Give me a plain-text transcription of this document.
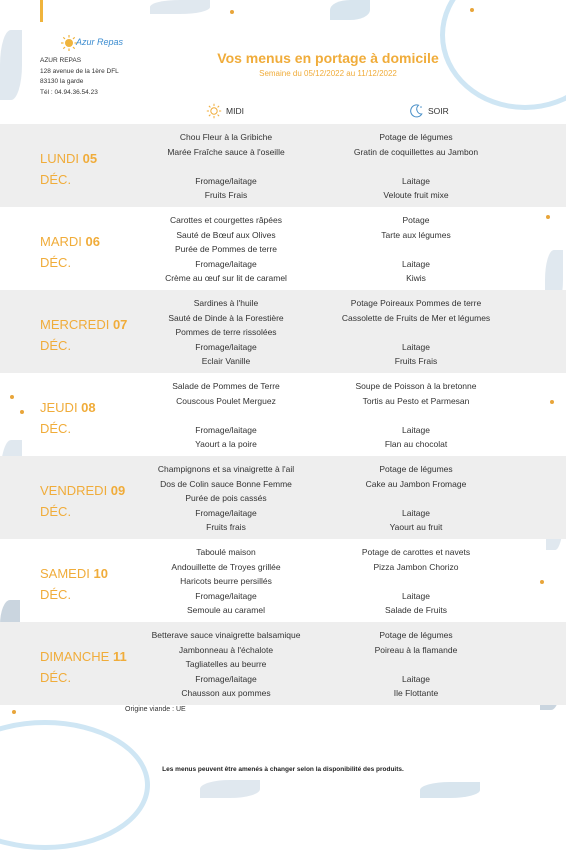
Azur Repas
AZUR REPAS
128 avenue de la 1ère DFL
83130 la garde
Tél : 04.94.36.54.23
Vos menus en portage à domicile
Semaine du 05/12/2022 au 11/12/2022
MIDI	SOIR
LUNDI 05
DÉC.
Chou Fleur à la Gribiche
Marée Fraîche sauce à l'oseille
Fromage/laitage
Fruits Frais
Potage de légumes
Gratin de coquillettes au Jambon
Laitage
Veloute fruit mixe
MARDI 06
DÉC.
Carottes et courgettes râpées
Sauté de Bœuf aux Olives
Purée de Pommes de terre
Fromage/laitage
Crème au œuf sur lit de caramel
Potage
Tarte aux légumes
Laitage
Kiwis
MERCREDI 07
DÉC.
Sardines à l'huile
Sauté de Dinde à la Forestière
Pommes de terre rissolées
Fromage/laitage
Eclair Vanille
Potage Poireaux Pommes de terre
Cassolette de Fruits de Mer et légumes
Laitage
Fruits Frais
JEUDI 08
DÉC.
Salade de Pommes de Terre
Couscous Poulet Merguez
Fromage/laitage
Yaourt a la poire
Soupe de Poisson à la bretonne
Tortis au Pesto et Parmesan
Laitage
Flan au chocolat
VENDREDI 09
DÉC.
Champignons et sa vinaigrette à l'ail
Dos de Colin sauce Bonne Femme
Purée de pois cassés
Fromage/laitage
Fruits frais
Potage de légumes
Cake au Jambon Fromage
Laitage
Yaourt au fruit
SAMEDI 10
DÉC.
Taboulé maison
Andouillette de Troyes grillée
Haricots beurre persillés
Fromage/laitage
Semoule au caramel
Potage de carottes et navets
Pizza Jambon Chorizo
Laitage
Salade de Fruits
DIMANCHE 11
DÉC.
Betterave sauce vinaigrette balsamique
Jambonneau à l'échalote
Tagliatelles au beurre
Fromage/laitage
Chausson aux pommes
Potage de légumes
Poireau à la flamande
Laitage
Ile Flottante
Origine viande : UE
Les menus peuvent être amenés à changer selon la disponibilité des produits.
